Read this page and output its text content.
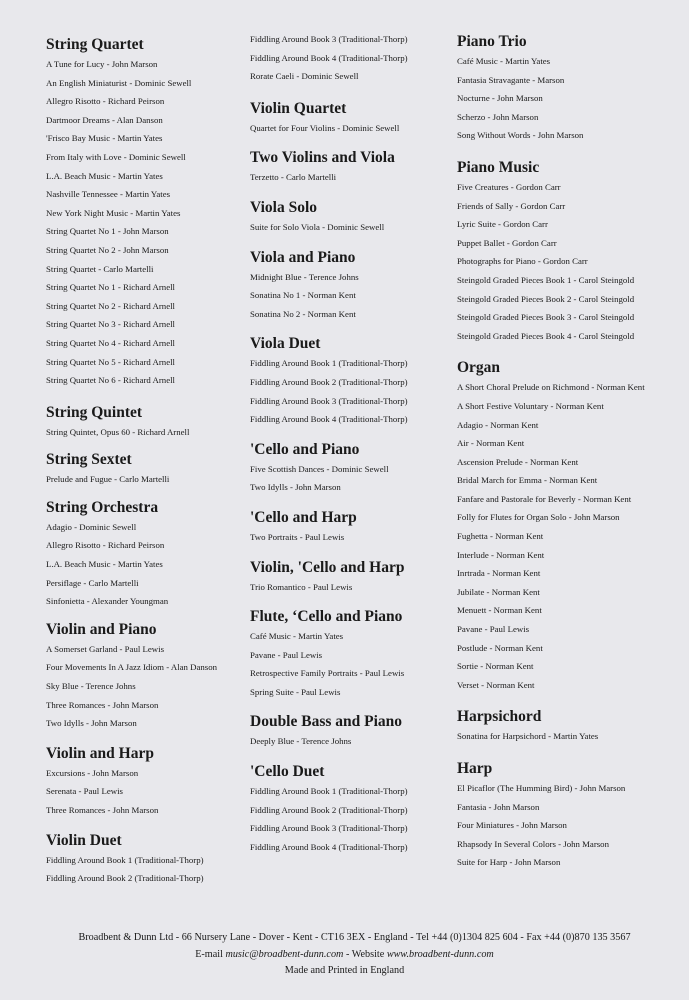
String Quartet
A Tune for Lucy - John Marson
An English Miniaturist - Dominic Sewell
Allegro Risotto - Richard Peirson
Dartmoor Dreams - Alan Danson
'Frisco Bay Music - Martin Yates
From Italy with Love - Dominic Sewell
L.A. Beach Music - Martin Yates
Nashville Tennessee - Martin Yates
New York Night Music - Martin Yates
String Quartet No 1 - John Marson
String Quartet No 2 - John Marson
String Quartet - Carlo Martelli
String Quartet No 1 - Richard Arnell
String Quartet No 2 - Richard Arnell
String Quartet No 3 - Richard Arnell
String Quartet No 4 - Richard Arnell
String Quartet No 5 - Richard Arnell
String Quartet No 6 - Richard Arnell
String Quintet
String Quintet, Opus 60 - Richard Arnell
String Sextet
Prelude and Fugue - Carlo Martelli
String Orchestra
Adagio - Dominic Sewell
Allegro Risotto - Richard Peirson
L.A. Beach Music - Martin Yates
Persiflage - Carlo Martelli
Sinfonietta - Alexander Youngman
Violin and Piano
A Somerset Garland - Paul Lewis
Four Movements In A Jazz Idiom - Alan Danson
Sky Blue - Terence Johns
Three Romances - John Marson
Two Idylls - John Marson
Violin and Harp
Excursions - John Marson
Serenata - Paul Lewis
Three Romances - John Marson
Violin Duet
Fiddling Around Book 1 (Traditional-Thorp)
Fiddling Around Book 2 (Traditional-Thorp)
Fiddling Around Book 3 (Traditional-Thorp)
Fiddling Around Book 4 (Traditional-Thorp)
Rorate Caeli - Dominic Sewell
Violin Quartet
Quartet for Four Violins - Dominic Sewell
Two Violins and Viola
Terzetto - Carlo Martelli
Viola Solo
Suite for Solo Viola - Dominic Sewell
Viola and Piano
Midnight Blue - Terence Johns
Sonatina No 1 - Norman Kent
Sonatina No 2 - Norman Kent
Viola Duet
Fiddling Around Book 1 (Traditional-Thorp)
Fiddling Around Book 2 (Traditional-Thorp)
Fiddling Around Book 3 (Traditional-Thorp)
Fiddling Around Book 4 (Traditional-Thorp)
'Cello and Piano
Five Scottish Dances - Dominic Sewell
Two Idylls - John Marson
'Cello and Harp
Two Portraits - Paul Lewis
Violin, 'Cello and Harp
Trio Romantico - Paul Lewis
Flute, ‘Cello and Piano
Café Music - Martin Yates
Pavane - Paul Lewis
Retrospective Family Portraits - Paul Lewis
Spring Suite - Paul Lewis
Double Bass and Piano
Deeply Blue - Terence Johns
'Cello Duet
Fiddling Around Book 1 (Traditional-Thorp)
Fiddling Around Book 2 (Traditional-Thorp)
Fiddling Around Book 3 (Traditional-Thorp)
Fiddling Around Book 4 (Traditional-Thorp)
Piano Trio
Café Music - Martin Yates
Fantasia Stravagante - Marson
Nocturne - John Marson
Scherzo - John Marson
Song Without Words - John Marson
Piano Music
Five Creatures - Gordon Carr
Friends of Sally - Gordon Carr
Lyric Suite - Gordon Carr
Puppet Ballet - Gordon Carr
Photographs for Piano - Gordon Carr
Steingold Graded Pieces Book 1 - Carol Steingold
Steingold Graded Pieces Book 2 - Carol Steingold
Steingold Graded Pieces Book 3 - Carol Steingold
Steingold Graded Pieces Book 4 - Carol Steingold
Organ
A Short Choral Prelude on Richmond - Norman Kent
A Short Festive Voluntary - Norman Kent
Adagio - Norman Kent
Air - Norman Kent
Ascension Prelude - Norman Kent
Bridal March for Emma - Norman Kent
Fanfare and Pastorale for Beverly - Norman Kent
Folly for Flutes for Organ Solo - John Marson
Fughetta - Norman Kent
Interlude - Norman Kent
Inrtrada - Norman Kent
Jubilate - Norman Kent
Menuett - Norman Kent
Pavane - Paul Lewis
Postlude - Norman Kent
Sortie - Norman Kent
Verset - Norman Kent
Harpsichord
Sonatina for Harpsichord - Martin Yates
Harp
El Picaflor (The Humming Bird) - John Marson
Fantasia - John Marson
Four Miniatures - John Marson
Rhapsody In Several Colors - John Marson
Suite for Harp - John Marson
Broadbent & Dunn Ltd - 66 Nursery Lane - Dover - Kent - CT16 3EX - England - Tel +44 (0)1304 825 604 - Fax +44 (0)870 135 3567
E-mail music@broadbent-dunn.com - Website www.broadbent-dunn.com
Made and Printed in England
